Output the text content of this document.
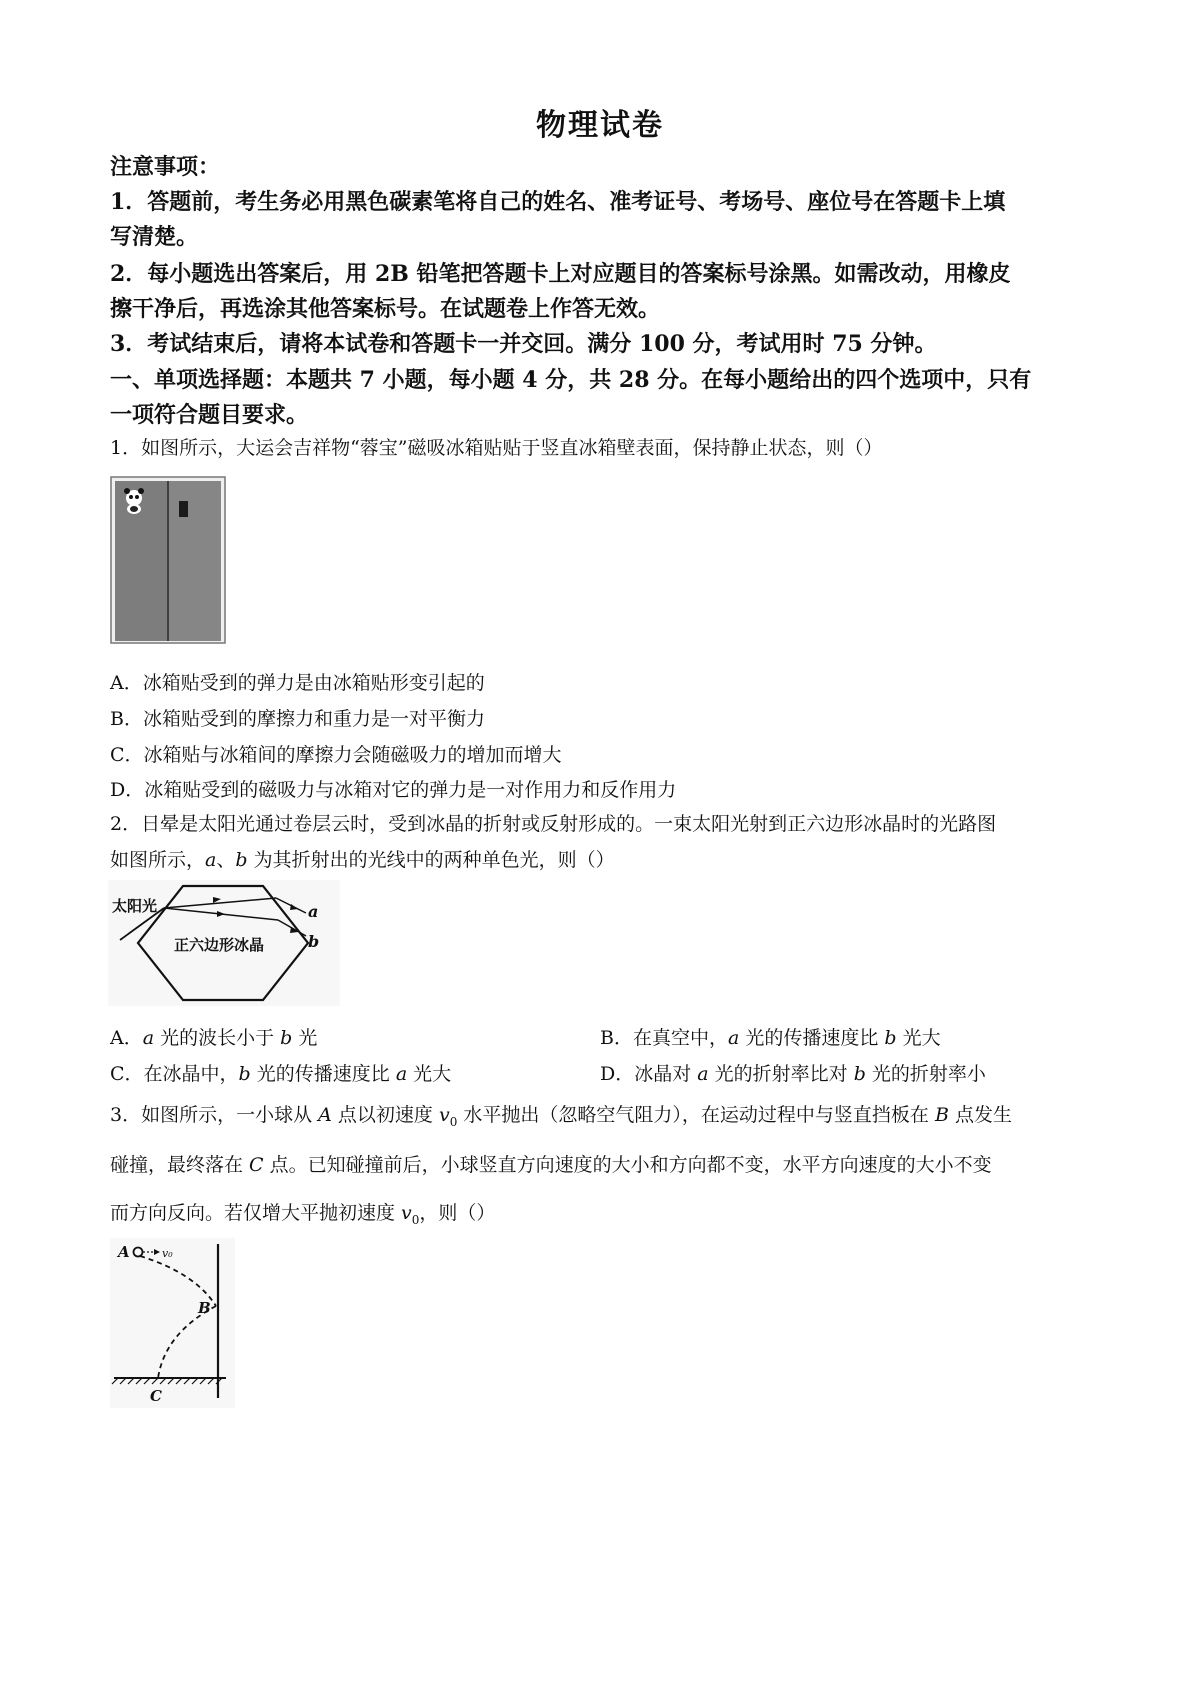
物理试卷
注意事项：
1．答题前，考生务必用黑色碳素笔将自己的姓名、准考证号、考场号、座位号在答题卡上填
写清楚。
2．每小题选出答案后，用 2B 铅笔把答题卡上对应题目的答案标号涂黑。如需改动，用橡皮
擦干净后，再选涂其他答案标号。在试题卷上作答无效。
3．考试结束后，请将本试卷和答题卡一并交回。满分 100 分，考试用时 75 分钟。
一、单项选择题：本题共 7 小题，每小题 4 分，共 28 分。在每小题给出的四个选项中，只有
一项符合题目要求。
1．如图所示，大运会吉祥物“蓉宝”磁吸冰箱贴贴于竖直冰箱壁表面，保持静止状态，则（）
A．冰箱贴受到的弹力是由冰箱贴形变引起的
B．冰箱贴受到的摩擦力和重力是一对平衡力
C．冰箱贴与冰箱间的摩擦力会随磁吸力的增加而增大
D．冰箱贴受到的磁吸力与冰箱对它的弹力是一对作用力和反作用力
2．日晕是太阳光通过卷层云时，受到冰晶的折射或反射形成的。一束太阳光射到正六边形冰晶时的光路图
如图所示，a、b 为其折射出的光线中的两种单色光，则（）
太阳光	a
b
正六边形冰晶
A．a 光的波长小于 b 光	B．在真空中，a 光的传播速度比 b 光大
C．在冰晶中，b 光的传播速度比 a 光大	D．冰晶对 a 光的折射率比对 b 光的折射率小
3．如图所示，一小球从 A 点以初速度 $v_0$ 水平抛出（忽略空气阻力），在运动过程中与竖直挡板在 B 点发生
碰撞，最终落在 C 点。已知碰撞前后，小球竖直方向速度的大小和方向都不变，水平方向速度的大小不变
而方向反向。若仅增大平抛初速度 $v_0$，则（）
A	v₀
B
C
